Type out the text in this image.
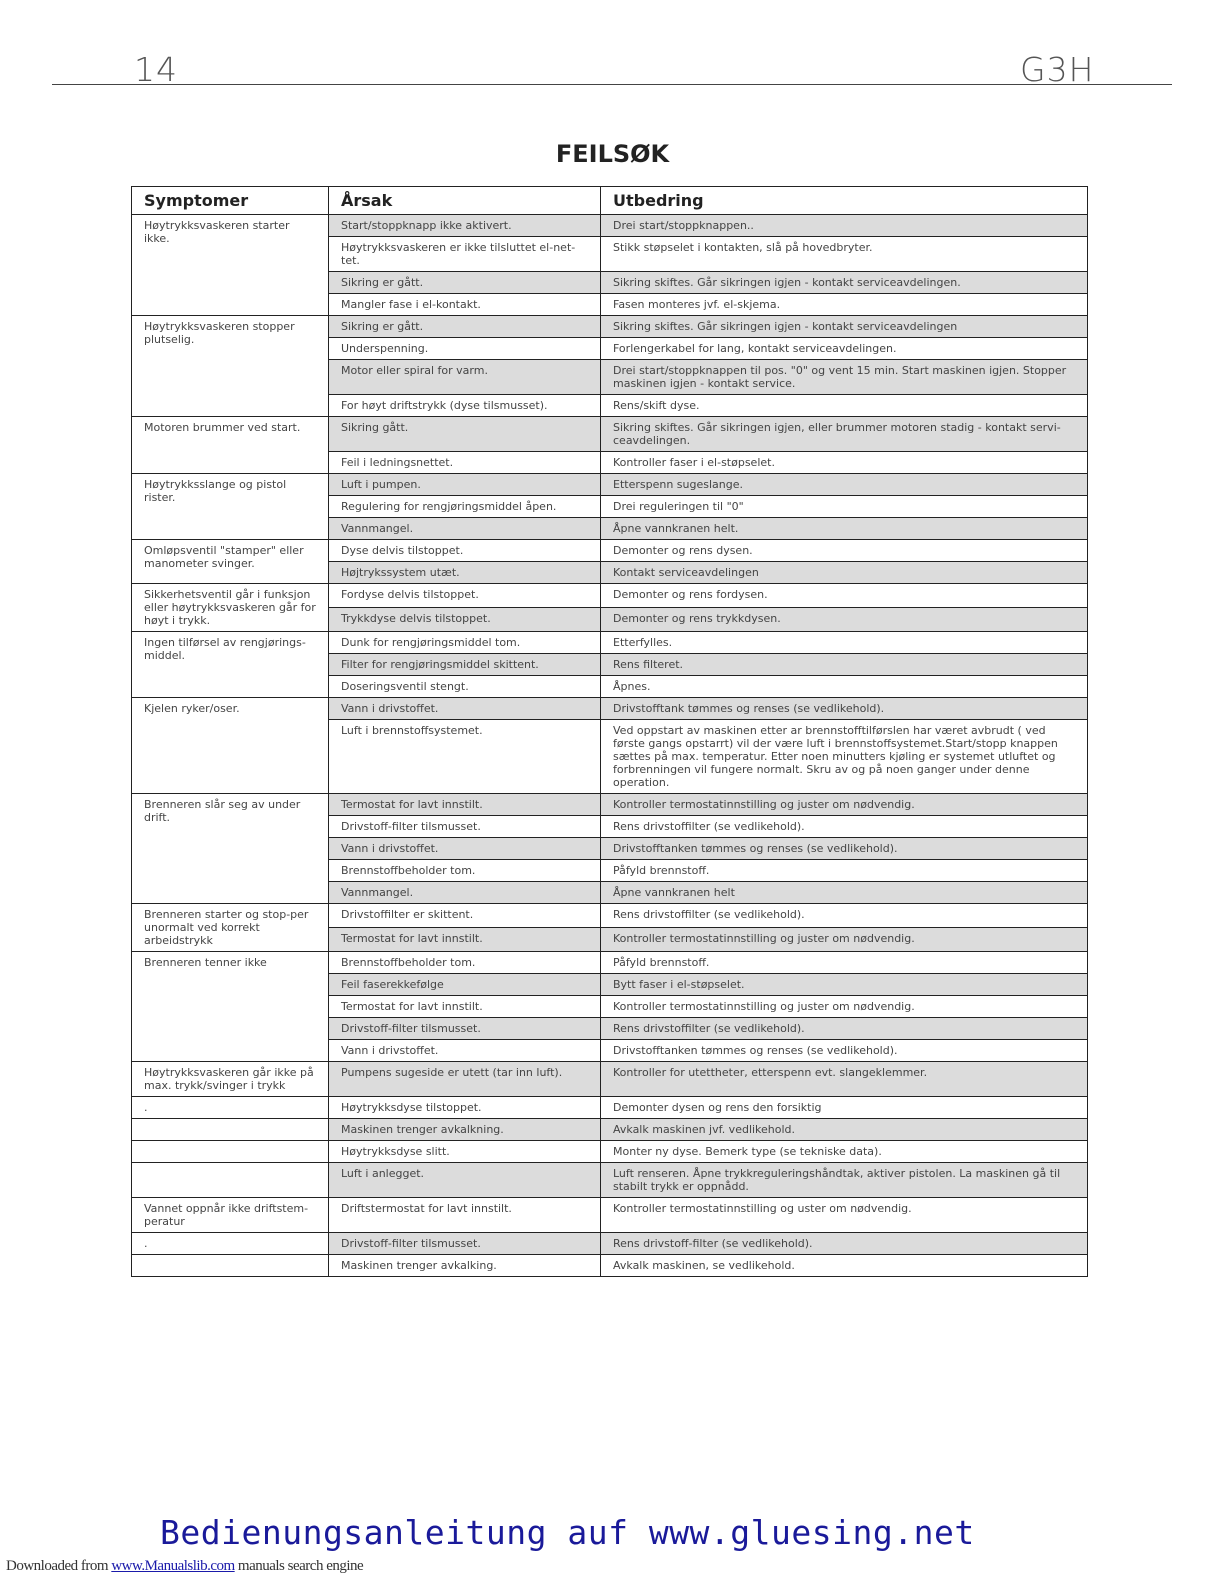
14	G3H
FEILSØK
Symptomer	Årsak	Utbedring
Høytrykksvaskeren starter ikke.	Start/stoppknapp ikke aktivert.	Drei start/stoppknappen..
	Høytrykksvaskeren er ikke tilsluttet el-net-tet.	Stikk støpselet i kontakten, slå på hovedbryter.
	Sikring er gått.	Sikring skiftes. Går sikringen igjen - kontakt serviceavdelingen.
	Mangler fase i el-kontakt.	Fasen monteres jvf. el-skjema.
Høytrykksvaskeren stopper plutselig.	Sikring er gått.	Sikring skiftes. Går sikringen igjen - kontakt serviceavdelingen
	Underspenning.	Forlengerkabel for lang, kontakt serviceavdelingen.
	Motor eller spiral for varm.	Drei start/stoppknappen til pos. "0" og vent 15 min. Start maskinen igjen. Stopper maskinen igjen - kontakt service.
	For høyt driftstrykk (dyse tilsmusset).	Rens/skift dyse.
Motoren brummer ved start.	Sikring gått.	Sikring skiftes. Går sikringen igjen, eller brummer motoren stadig - kontakt servi-ceavdelingen.
	Feil i ledningsnettet.	Kontroller faser i el-støpselet.
Høytrykksslange og pistol rister.	Luft i pumpen.	Etterspenn sugeslange.
	Regulering for rengjøringsmiddel åpen.	Drei reguleringen til "0"
	Vannmangel.	Åpne vannkranen helt.
Omløpsventil "stamper" eller manometer svinger.	Dyse delvis tilstoppet.	Demonter og rens dysen.
	Højtrykssystem utæt.	Kontakt serviceavdelingen
Sikkerhetsventil går i funksjon eller høytrykksvaskeren går for høyt i trykk.	Fordyse delvis tilstoppet.	Demonter og rens fordysen.
	Trykkdyse delvis tilstoppet.	Demonter og rens trykkdysen.
Ingen tilførsel av rengjørings-middel.	Dunk for rengjøringsmiddel tom.	Etterfylles.
	Filter for rengjøringsmiddel skittent.	Rens filteret.
	Doseringsventil stengt.	Åpnes.
Kjelen ryker/oser.	Vann i drivstoffet.	Drivstofftank tømmes og renses (se vedlikehold).
	Luft i brennstoffsystemet.	Ved oppstart av maskinen etter ar brennstofftilførslen har været avbrudt ( ved første gangs opstarrt) vil der være luft i brennstoffsystemet.Start/stopp knappen sættes på max. temperatur. Etter noen minutters kjøling er systemet utluftet og forbrenningen vil fungere normalt. Skru av og på noen ganger under denne operation.
Brenneren slår seg av under drift.	Termostat for lavt innstilt.	Kontroller termostatinnstilling og juster om nødvendig.
	Drivstoff-filter tilsmusset.	Rens drivstoffilter (se vedlikehold).
	Vann i drivstoffet.	Drivstofftanken tømmes og renses (se vedlikehold).
	Brennstoffbeholder tom.	Påfyld brennstoff.
	Vannmangel.	Åpne vannkranen helt
Brenneren starter og stop-per unormalt ved korrekt arbeidstrykk	Drivstoffilter er skittent.	Rens drivstoffilter (se vedlikehold).
	Termostat for lavt innstilt.	Kontroller termostatinnstilling og juster om nødvendig.
Brenneren tenner ikke	Brennstoffbeholder tom.	Påfyld brennstoff.
	Feil faserekkefølge	Bytt faser i el-støpselet.
	Termostat for lavt innstilt.	Kontroller termostatinnstilling og juster om nødvendig.
	Drivstoff-filter tilsmusset.	Rens drivstoffilter (se vedlikehold).
	Vann i drivstoffet.	Drivstofftanken tømmes og renses (se vedlikehold).
Høytrykksvaskeren går ikke på max. trykk/svinger i trykk	Pumpens sugeside er utett (tar inn luft).	Kontroller for utettheter, etterspenn evt. slangeklemmer.
.	Høytrykksdyse tilstoppet.	Demonter dysen og rens den forsiktig
	Maskinen trenger avkalkning.	Avkalk maskinen jvf. vedlikehold.
	Høytrykksdyse slitt.	Monter ny dyse. Bemerk type (se tekniske data).
	Luft i anlegget.	Luft renseren. Åpne trykkreguleringshåndtak, aktiver pistolen. La maskinen gå til stabilt trykk er oppnådd.
Vannet oppnår ikke driftstem-peratur	Driftstermostat for lavt innstilt.	Kontroller termostatinnstilling og uster om nødvendig.
.	Drivstoff-filter tilsmusset.	Rens drivstoff-filter (se vedlikehold).
	Maskinen trenger avkalking.	Avkalk maskinen, se vedlikehold.
Bedienungsanleitung auf www.gluesing.net
Downloaded from www.Manualslib.com manuals search engine
